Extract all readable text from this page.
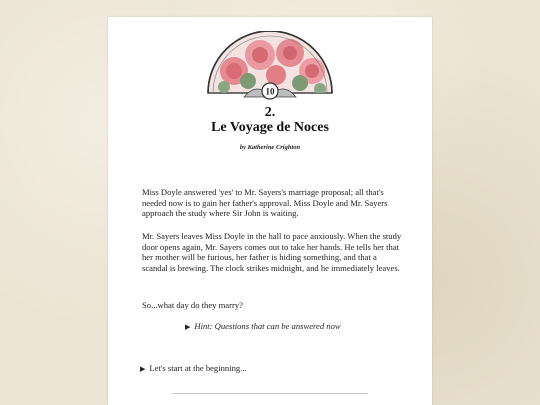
10
2.
Le Voyage de Noces
by Katherine Crighton

Miss Doyle answered 'yes' to Mr. Sayers's marriage proposal; all that's needed now is to gain her father's approval. Miss Doyle and Mr. Sayers approach the study where Sir John is waiting.

Mr. Sayers leaves Miss Doyle in the hall to pace anxiously. When the study door opens again, Mr. Sayers comes out to take her hands. He tells her that her mother will be furious, her father is hiding something, and that a scandal is brewing. The clock strikes midnight, and he immediately leaves.

So...what day do they marry?

▶ Hint: Questions that can be answered now
▶ Let's start at the beginning...
